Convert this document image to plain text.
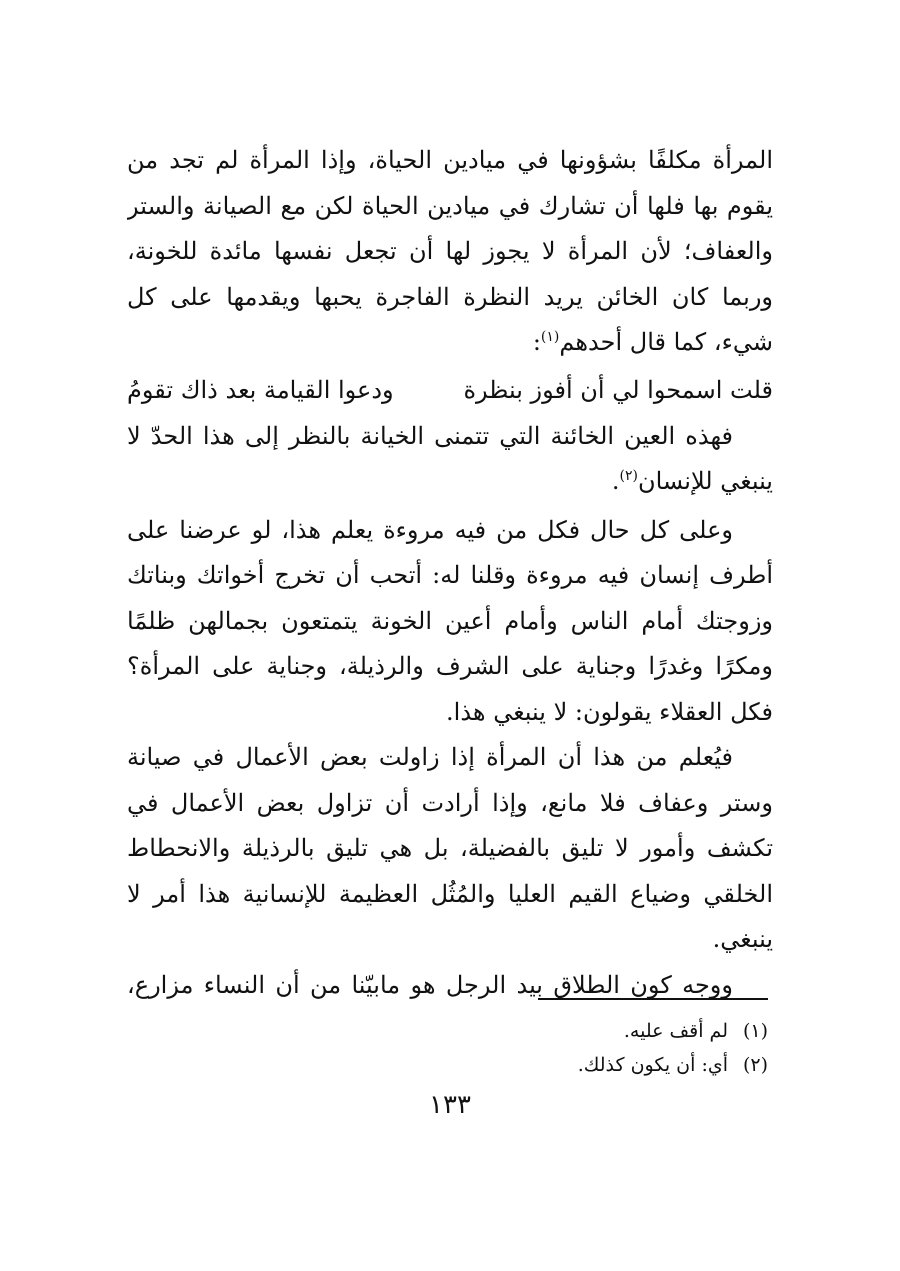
المرأة مكلفًا بشؤونها في ميادين الحياة، وإذا المرأة لم تجد من
يقوم بها فلها أن تشارك في ميادين الحياة لكن مع الصيانة والستر
والعفاف؛ لأن المرأة لا يجوز لها أن تجعل نفسها مائدة للخونة،
وربما كان الخائن يريد النظرة الفاجرة يحبها ويقدمها على كل
شيء، كما قال أحدهم$^{(١)}$:
قلت اسمحوا لي أن أفوز بنظرة
ودعوا القيامة بعد ذاك تقومُ
فهذه العين الخائنة التي تتمنى الخيانة بالنظر إلى هذا الحدّ لا
ينبغي للإنسان$^{(٢)}$.
وعلى كل حال فكل من فيه مروءة يعلم هذا، لو عرضنا على
أطرف إنسان فيه مروءة وقلنا له: أتحب أن تخرج أخواتك وبناتك
وزوجتك أمام الناس وأمام أعين الخونة يتمتعون بجمالهن ظلمًا
ومكرًا وغدرًا وجناية على الشرف والرذيلة، وجناية على المرأة؟
فكل العقلاء يقولون: لا ينبغي هذا.
فيُعلم من هذا أن المرأة إذا زاولت بعض الأعمال في صيانة
وستر وعفاف فلا مانع، وإذا أرادت أن تزاول بعض الأعمال في
تكشف وأمور لا تليق بالفضيلة، بل هي تليق بالرذيلة والانحطاط
الخلقي وضياع القيم العليا والمُثُل العظيمة للإنسانية هذا أمر لا
ينبغي.
ووجه كون الطلاق بيد الرجل هو مابيّنا من أن النساء مزارع،
(١)لم أقف عليه.
(٢)أي: أن يكون كذلك.
١٣٣
